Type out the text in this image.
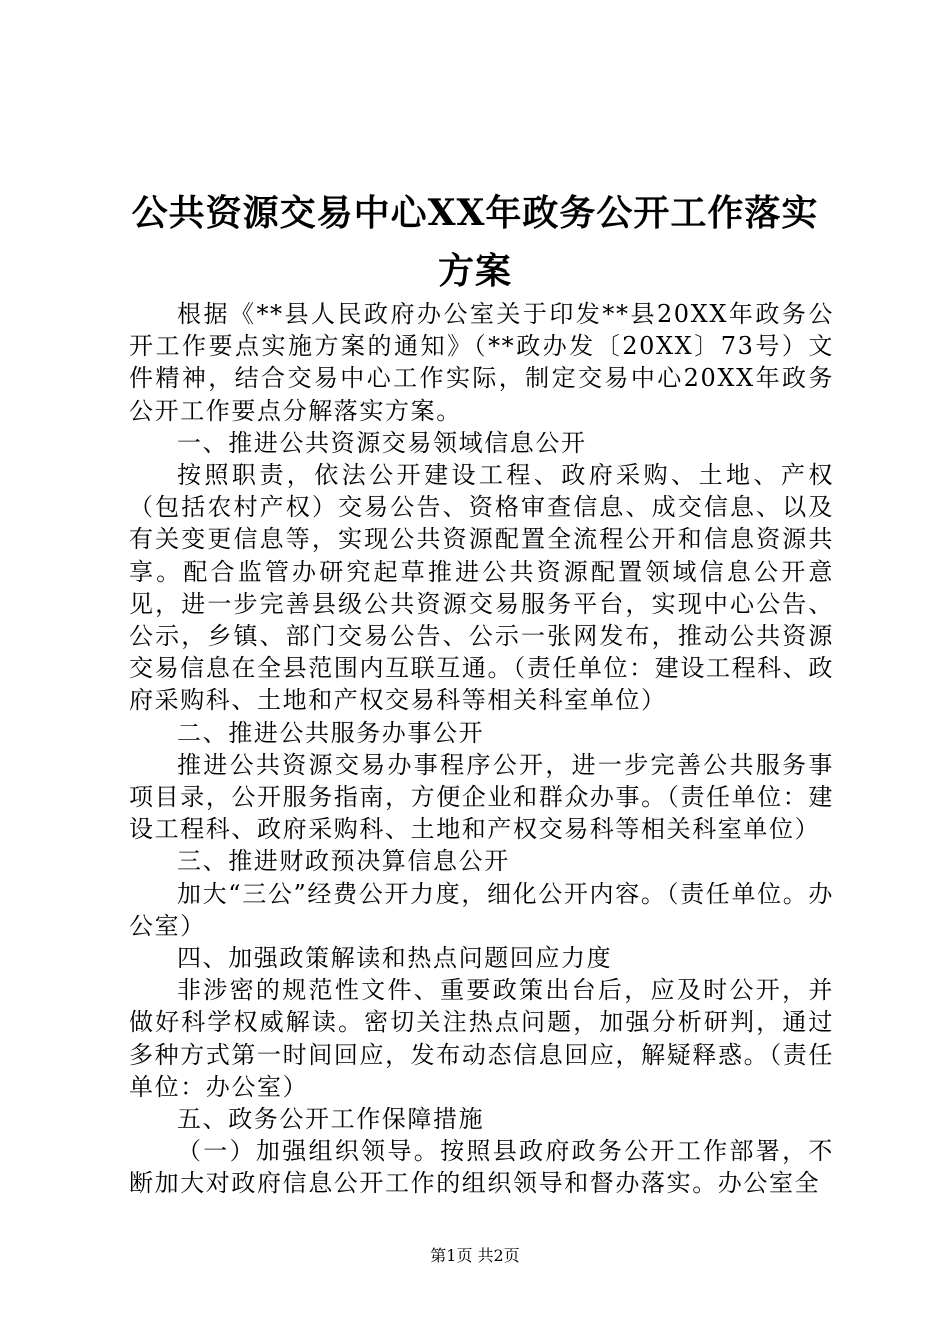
公共资源交易中心XX年政务公开工作落实方案

根据《**县人民政府办公室关于印发**县20XX年政务公开工作要点实施方案的通知》（**政办发〔20XX〕73号）文件精神，结合交易中心工作实际，制定交易中心20XX年政务公开工作要点分解落实方案。

一、推进公共资源交易领域信息公开

按照职责，依法公开建设工程、政府采购、土地、产权（包括农村产权）交易公告、资格审查信息、成交信息、以及有关变更信息等，实现公共资源配置全流程公开和信息资源共享。配合监管办研究起草推进公共资源配置领域信息公开意见，进一步完善县级公共资源交易服务平台，实现中心公告、公示，乡镇、部门交易公告、公示一张网发布，推动公共资源交易信息在全县范围内互联互通。（责任单位：建设工程科、政府采购科、土地和产权交易科等相关科室单位）

二、推进公共服务办事公开

推进公共资源交易办事程序公开，进一步完善公共服务事项目录，公开服务指南，方便企业和群众办事。（责任单位：建设工程科、政府采购科、土地和产权交易科等相关科室单位）

三、推进财政预决算信息公开

加大“三公”经费公开力度，细化公开内容。（责任单位。办公室）

四、加强政策解读和热点问题回应力度

非涉密的规范性文件、重要政策出台后，应及时公开，并做好科学权威解读。密切关注热点问题，加强分析研判，通过多种方式第一时间回应，发布动态信息回应，解疑释惑。（责任单位：办公室）

五、政务公开工作保障措施

（一）加强组织领导。按照县政府政务公开工作部署，不断加大对政府信息公开工作的组织领导和督办落实。办公室全

第1页 共2页
